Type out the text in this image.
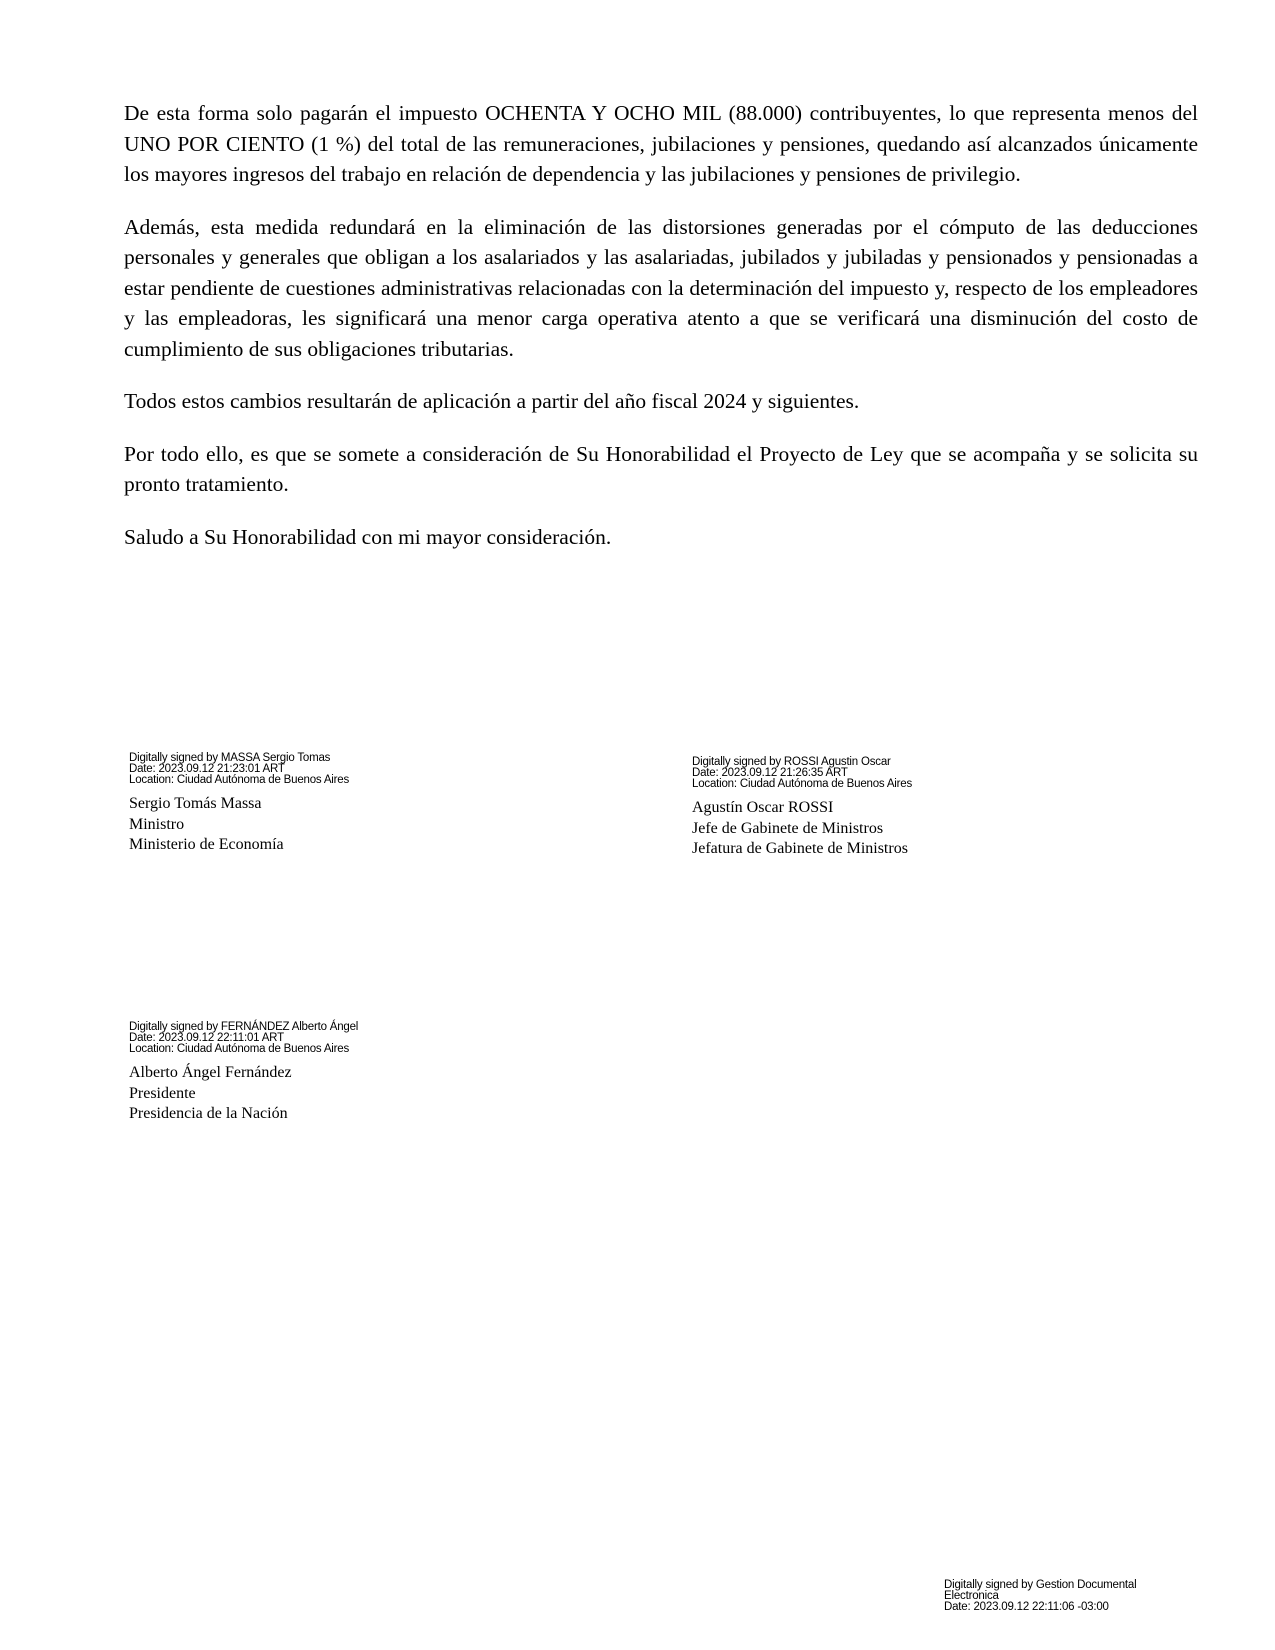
De esta forma solo pagarán el impuesto OCHENTA Y OCHO MIL (88.000) contribuyentes, lo que representa menos del UNO POR CIENTO (1 %) del total de las remuneraciones, jubilaciones y pensiones, quedando así alcanzados únicamente los mayores ingresos del trabajo en relación de dependencia y las jubilaciones y pensiones de privilegio.

Además, esta medida redundará en la eliminación de las distorsiones generadas por el cómputo de las deducciones personales y generales que obligan a los asalariados y las asalariadas, jubilados y jubiladas y pensionados y pensionadas a estar pendiente de cuestiones administrativas relacionadas con la determinación del impuesto y, respecto de los empleadores y las empleadoras, les significará una menor carga operativa atento a que se verificará una disminución del costo de cumplimiento de sus obligaciones tributarias.

Todos estos cambios resultarán de aplicación a partir del año fiscal 2024 y siguientes.

Por todo ello, es que se somete a consideración de Su Honorabilidad el Proyecto de Ley que se acompaña y se solicita su pronto tratamiento.

Saludo a Su Honorabilidad con mi mayor consideración.

Digitally signed by MASSA Sergio Tomas
Date: 2023.09.12 21:23:01 ART
Location: Ciudad Autónoma de Buenos Aires
Sergio Tomás Massa
Ministro
Ministerio de Economía
Digitally signed by ROSSI Agustin Oscar
Date: 2023.09.12 21:26:35 ART
Location: Ciudad Autónoma de Buenos Aires
Agustín Oscar ROSSI
Jefe de Gabinete de Ministros
Jefatura de Gabinete de Ministros
Digitally signed by FERNÁNDEZ Alberto Ángel
Date: 2023.09.12 22:11:01 ART
Location: Ciudad Autónoma de Buenos Aires
Alberto Ángel Fernández
Presidente
Presidencia de la Nación
Digitally signed by Gestion Documental Electronica
Date: 2023.09.12 22:11:06 -03:00
